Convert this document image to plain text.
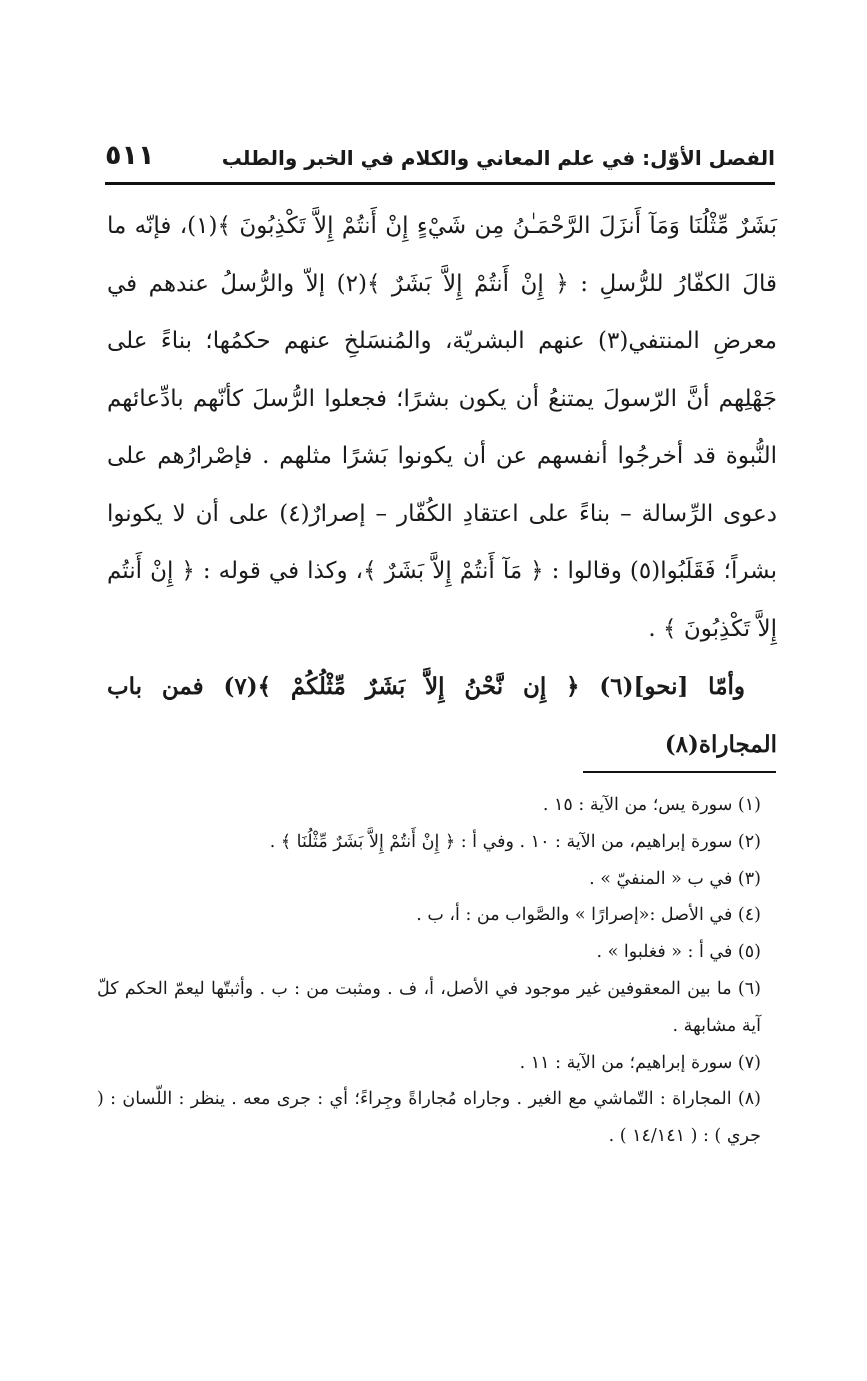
الفصل الأوّل: في علم المعاني والكلام في الخبر والطلب
٥١١

بَشَرٌ مِّثْلُنَا وَمَآ أَنزَلَ الرَّحْمَـٰنُ مِن شَيْءٍ إِنْ أَنتُمْ إِلاَّ تَكْذِبُونَ ﴾(١)، فإنّه ما قالَ الكفّارُ للرُّسلِ : ﴿ إِنْ أَنتُمْ إِلاَّ بَشَرٌ ﴾(٢) إلاّ والرُّسلُ عندهم في معرضِ المنتفي(٣) عنهم البشريّة، والمُنسَلخِ عنهم حكمُها؛ بناءً على جَهْلِهم أنَّ الرّسولَ يمتنعُ أن يكون بشرًا؛ فجعلوا الرُّسلَ كأنّهم بادِّعائهم النُّبوة قد أخرجُوا أنفسهم عن أن يكونوا بَشرًا مثلهم . فإصْرارُهم على دعوى الرِّسالة – بناءً على اعتقادِ الكُفّار – إصرارٌ(٤) على أن لا يكونوا بشراً؛ فَقَلَبُوا(٥) وقالوا : ﴿ مَآ أَنتُمْ إِلاَّ بَشَرٌ ﴾، وكذا في قوله : ﴿ إِنْ أَنتُم إِلاَّ تَكْذِبُونَ ﴾ .

وأمّا [نحو](٦) ﴿ إِن نَّحْنُ إِلاَّ بَشَرٌ مِّثْلُكُمْ ﴾(٧) فمن باب المجاراة(٨)

(١) سورة يس؛ من الآية : ١٥ .

(٢) سورة إبراهيم، من الآية : ١٠ . وفي أ : ﴿ إِنْ أَنتُمْ إِلاَّ بَشَرٌ مِّثْلُنَا ﴾ .

(٣) في ب « المنفيّ » .

(٤) في الأصل :«إصرارًا » والصَّواب من : أ، ب .

(٥) في أ : « فغلبوا » .

(٦) ما بين المعقوفين غير موجود في الأصل، أ، ف . ومثبت من : ب . وأثبتّها ليعمّ الحكم كلّ آية مشابهة .

(٧) سورة إبراهيم؛ من الآية : ١١ .

(٨) المجاراة : التّماشي مع الغير . وجاراه مُجاراةً وجِراءً؛ أي : جرى معه . ينظر : اللّسان : ( جري ) : ( ١٤/١٤١ ) .
